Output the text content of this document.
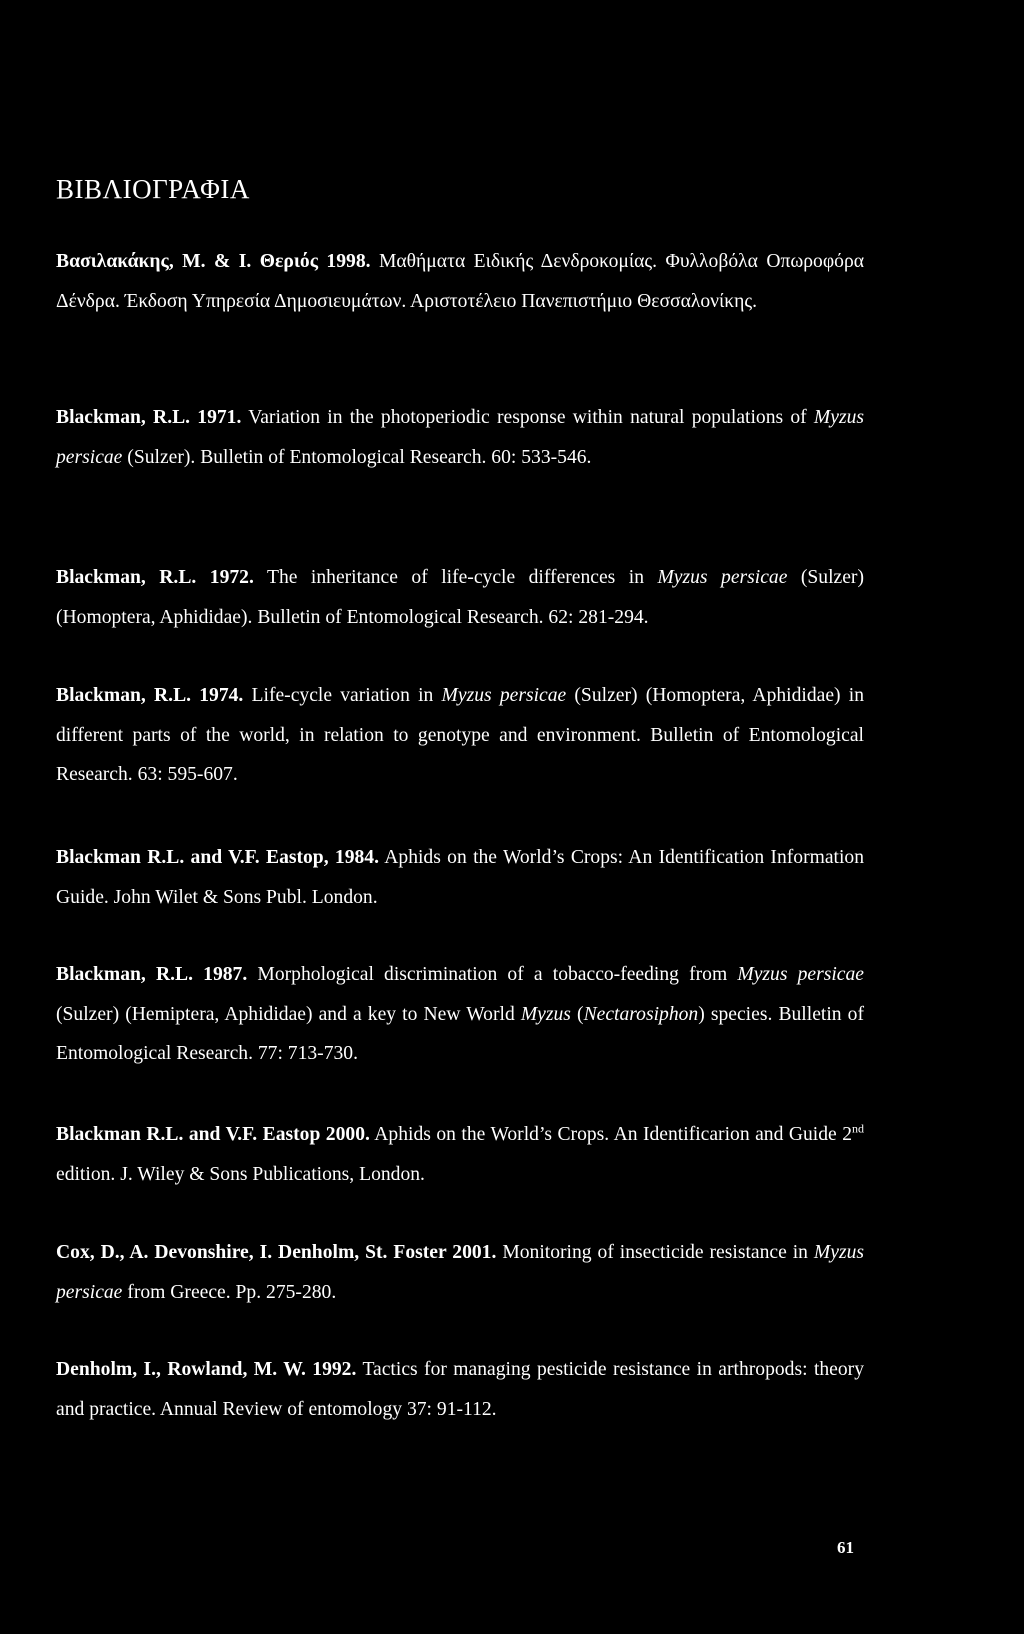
ΒΙΒΛΙΟΓΡΑΦΙΑ

Βασιλακάκης, Μ. & Ι. Θεριός 1998. Μαθήματα Ειδικής Δενδροκομίας. Φυλλοβόλα Οπωροφόρα Δένδρα. Έκδοση Υπηρεσία Δημοσιευμάτων. Αριστοτέλειο Πανεπιστήμιο Θεσσαλονίκης.

Blackman, R.L. 1971. Variation in the photoperiodic response within natural populations of Myzus persicae (Sulzer). Bulletin of Entomological Research. 60: 533-546.

Blackman, R.L. 1972. The inheritance of life-cycle differences in Myzus persicae (Sulzer) (Homoptera, Aphididae). Bulletin of Entomological Research. 62: 281-294.

Blackman, R.L. 1974. Life-cycle variation in Myzus persicae (Sulzer) (Homoptera, Aphididae) in different parts of the world, in relation to genotype and environment. Bulletin of Entomological Research. 63: 595-607.

Blackman R.L. and V.F. Eastop, 1984. Aphids on the World’s Crops: An Identification Information Guide. John Wilet & Sons Publ. London.

Blackman, R.L. 1987. Morphological discrimination of a tobacco-feeding from Myzus persicae (Sulzer) (Hemiptera, Aphididae) and a key to New World Myzus (Nectarosiphon) species. Bulletin of Entomological Research. 77: 713-730.

Blackman R.L. and V.F. Eastop 2000. Aphids on the World’s Crops. An Identificarion and Guide 2nd edition. J. Wiley & Sons Publications, London.

Cox, D., A. Devonshire, I. Denholm, St. Foster 2001. Monitoring of insecticide resistance in Myzus persicae from Greece. Pp. 275-280.

Denholm, I., Rowland, M. W. 1992. Tactics for managing pesticide resistance in arthropods: theory and practice. Annual Review of entomology 37: 91-112.

61
